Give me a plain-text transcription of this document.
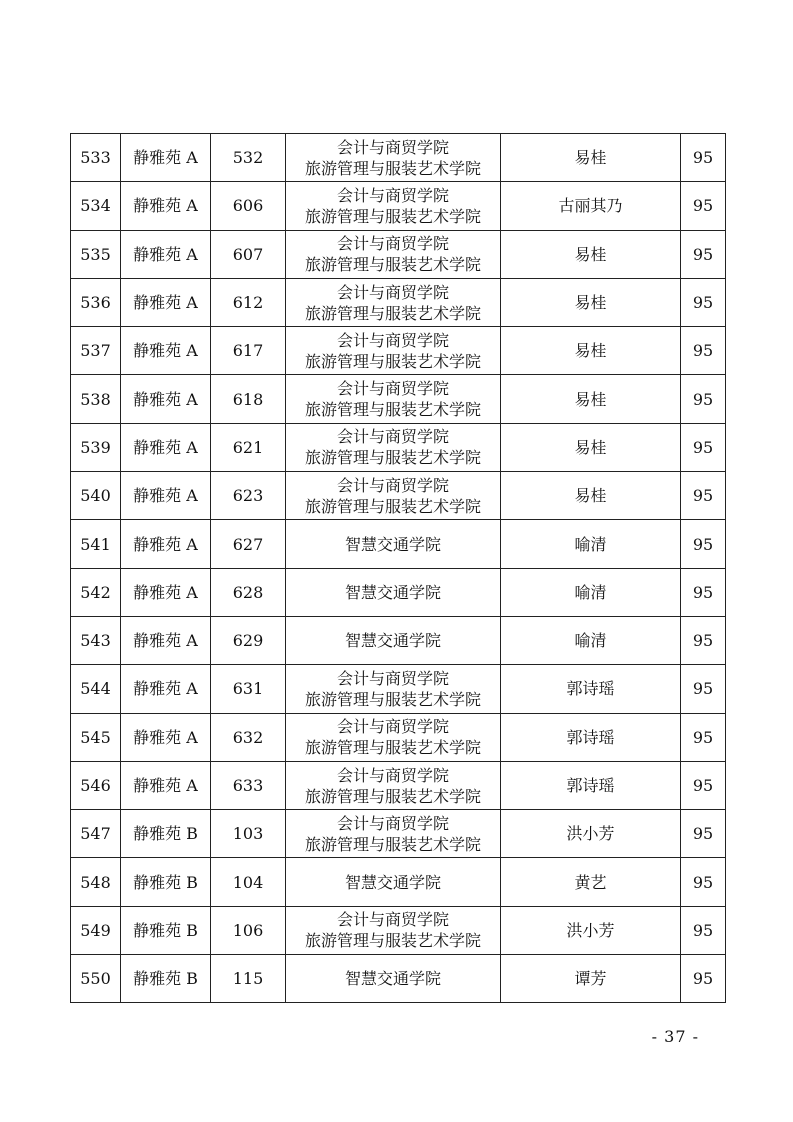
533	静雅苑 A	532	会计与商贸学院
旅游管理与服装艺术学院	易桂	95
534	静雅苑 A	606	会计与商贸学院
旅游管理与服装艺术学院	古丽其乃	95
535	静雅苑 A	607	会计与商贸学院
旅游管理与服装艺术学院	易桂	95
536	静雅苑 A	612	会计与商贸学院
旅游管理与服装艺术学院	易桂	95
537	静雅苑 A	617	会计与商贸学院
旅游管理与服装艺术学院	易桂	95
538	静雅苑 A	618	会计与商贸学院
旅游管理与服装艺术学院	易桂	95
539	静雅苑 A	621	会计与商贸学院
旅游管理与服装艺术学院	易桂	95
540	静雅苑 A	623	会计与商贸学院
旅游管理与服装艺术学院	易桂	95
541	静雅苑 A	627	智慧交通学院	喻清	95
542	静雅苑 A	628	智慧交通学院	喻清	95
543	静雅苑 A	629	智慧交通学院	喻清	95
544	静雅苑 A	631	会计与商贸学院
旅游管理与服装艺术学院	郭诗瑶	95
545	静雅苑 A	632	会计与商贸学院
旅游管理与服装艺术学院	郭诗瑶	95
546	静雅苑 A	633	会计与商贸学院
旅游管理与服装艺术学院	郭诗瑶	95
547	静雅苑 B	103	会计与商贸学院
旅游管理与服装艺术学院	洪小芳	95
548	静雅苑 B	104	智慧交通学院	黄艺	95
549	静雅苑 B	106	会计与商贸学院
旅游管理与服装艺术学院	洪小芳	95
550	静雅苑 B	115	智慧交通学院	谭芳	95
- 37 -
